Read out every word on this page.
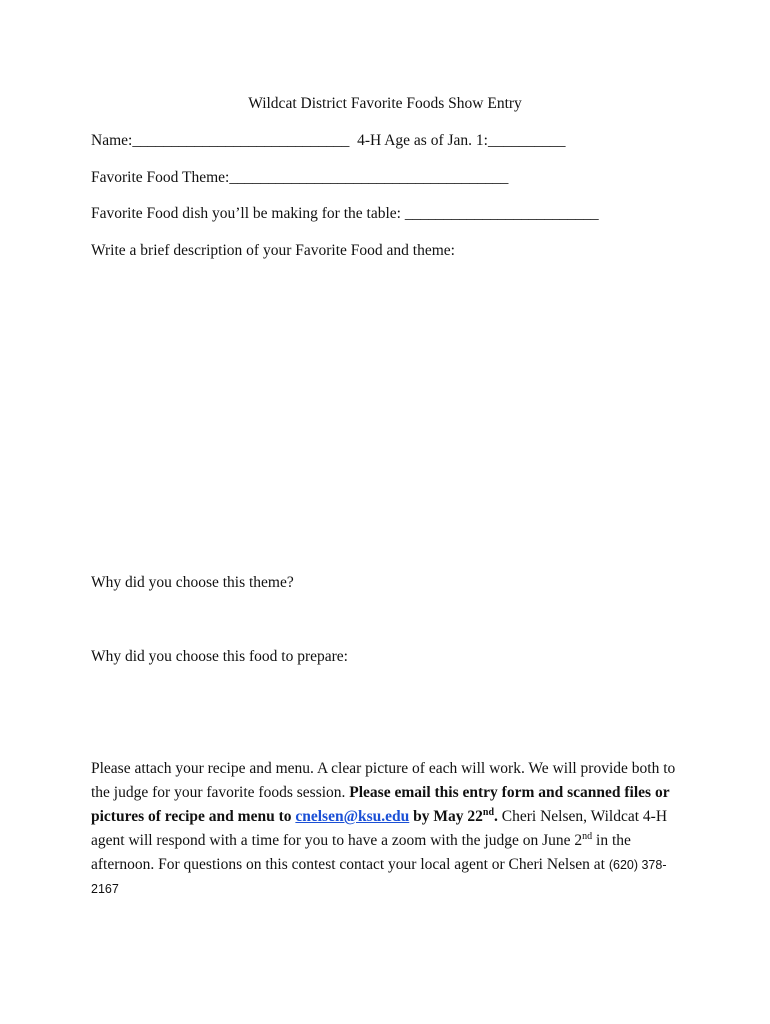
Wildcat District Favorite Foods Show Entry
Name:____________________________ 4-H Age as of Jan. 1:__________
Favorite Food Theme:____________________________________
Favorite Food dish you’ll be making for the table: _________________________
Write a brief description of your Favorite Food and theme:
Why did you choose this theme?
Why did you choose this food to prepare:
Please attach your recipe and menu. A clear picture of each will work. We will provide both to the judge for your favorite foods session. Please email this entry form and scanned files or pictures of recipe and menu to cnelsen@ksu.edu by May 22nd. Cheri Nelsen, Wildcat 4-H agent will respond with a time for you to have a zoom with the judge on June 2nd in the afternoon. For questions on this contest contact your local agent or Cheri Nelsen at (620) 378-2167
